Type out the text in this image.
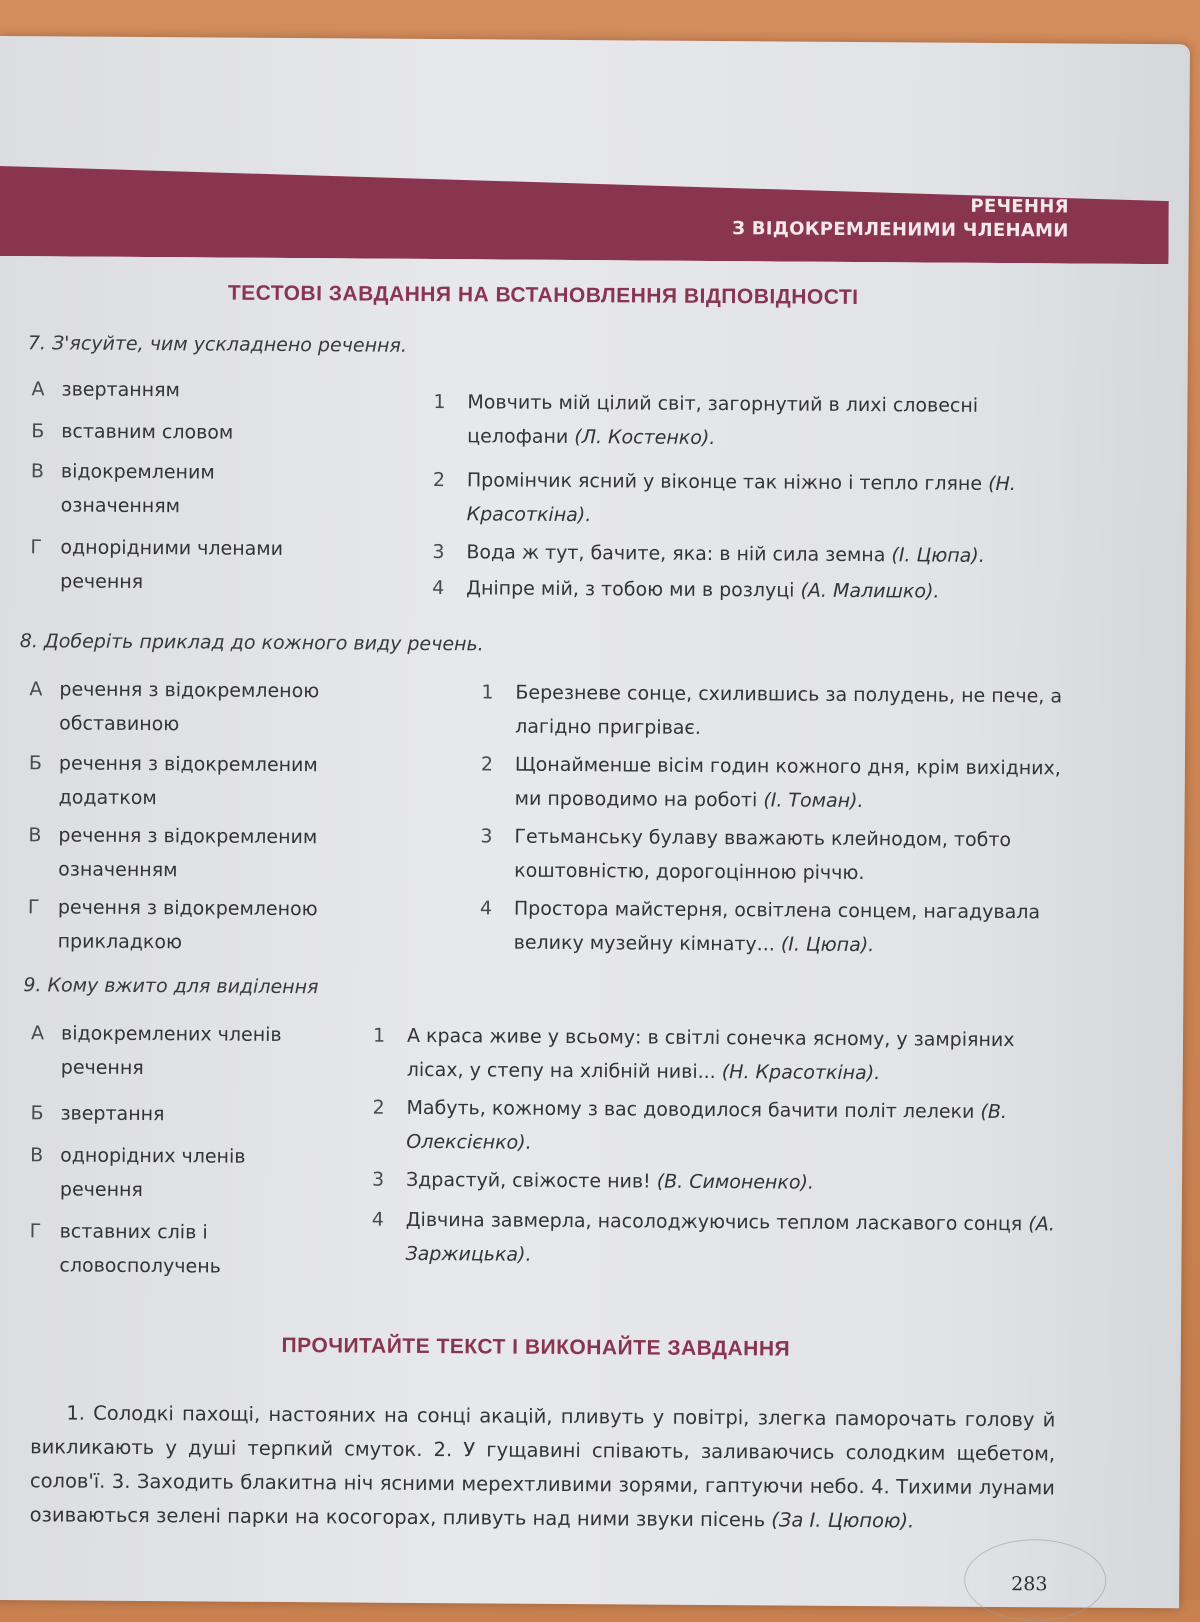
РЕЧЕННЯ
З ВІДОКРЕМЛЕНИМИ ЧЛЕНАМИ
ТЕСТОВІ ЗАВДАННЯ НА ВСТАНОВЛЕННЯ ВІДПОВІДНОСТІ
7. З'ясуйте, чим ускладнено речення.
А звертанням
Б вставним словом
В відокремленим означенням
Г однорідними членами речення
1	Мовчить мій цілий світ, загорнутий в лихі словесні целофани (Л. Костенко).
2	Промінчик ясний у віконце так ніжно і тепло гляне (Н. Красоткіна).
3	Вода ж тут, бачите, яка: в ній сила земна (І. Цюпа).
4	Дніпре мій, з тобою ми в розлуці (А. Малишко).
8. Доберіть приклад до кожного виду речень.
А речення з відокремленою обставиною
Б речення з відокремленим додатком
В речення з відокремленим означенням
Г речення з відокремленою прикладкою
1	Березневе сонце, схилившись за полудень, не пече, а лагідно пригріває.
2	Щонайменше вісім годин кожного дня, крім вихідних, ми проводимо на роботі (І. Томан).
3	Гетьманську булаву вважають клейнодом, тобто коштовністю, дорогоцінною річчю.
4	Простора майстерня, освітлена сонцем, нагадувала велику музейну кімнату... (І. Цюпа).
9. Кому вжито для виділення
А відокремлених членів речення
Б звертання
В однорідних членів речення
Г вставних слів і словосполучень
1	А краса живе у всьому: в світлі сонечка ясному, у замріяних лісах, у степу на хлібній ниві... (Н. Красоткіна).
2	Мабуть, кожному з вас доводилося бачити політ лелеки (В. Олексієнко).
3	Здрастуй, свіжосте нив! (В. Симоненко).
4	Дівчина завмерла, насолоджуючись теплом ласкавого сонця (А. Заржицька).
ПРОЧИТАЙТЕ ТЕКСТ І ВИКОНАЙТЕ ЗАВДАННЯ
1. Солодкі пахощі, настояних на сонці акацій, пливуть у повітрі, злегка паморочать голову й викликають у душі терпкий смуток. 2. У гущавині співають, заливаючись солодким щебетом, солов'ї. 3. Заходить блакитна ніч ясними мерехтливими зорями, гаптуючи небо. 4. Тихими лунами озиваються зелені парки на косогорах, пливуть над ними звуки пісень (За І. Цюпою).
283
